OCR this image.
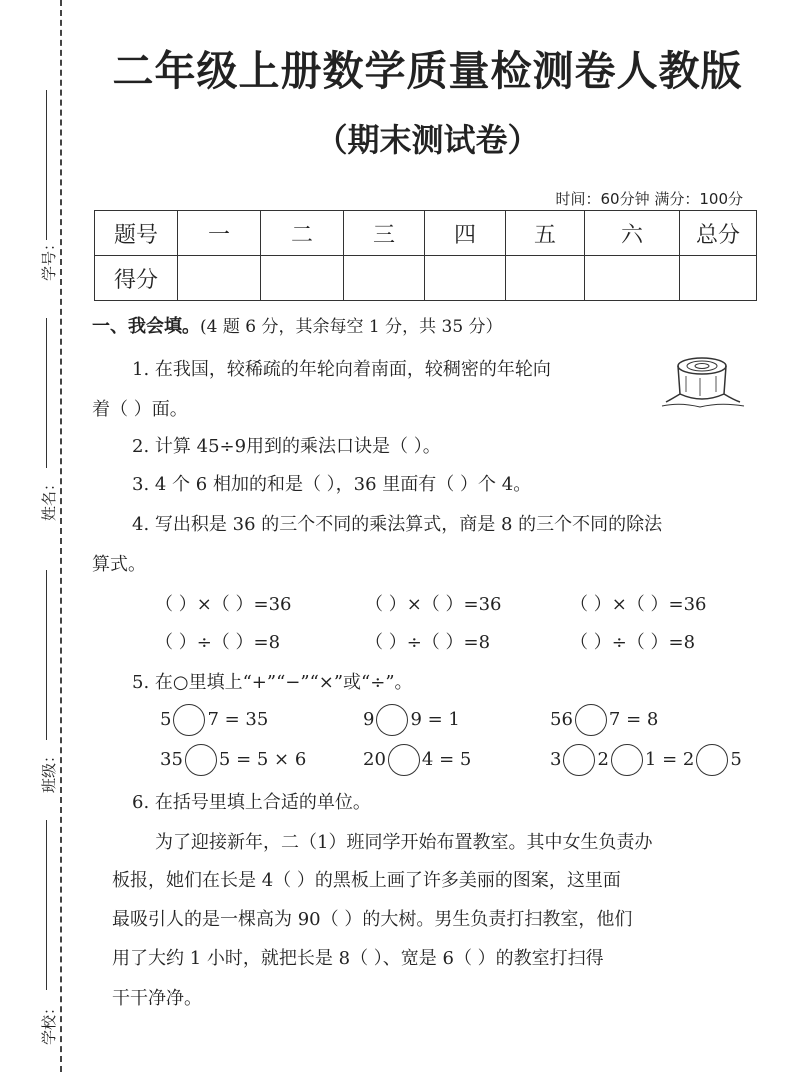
学号：
姓名：
班级：
学校：
二年级上册数学质量检测卷人教版
（期末测试卷）
时间：60分钟 满分：100分
题号	一	二	三	四	五	六	总分
得分							
一、我会填。(4 题 6 分，其余每空 1 分，共 35 分）
1. 在我国，较稀疏的年轮向着南面，较稠密的年轮向
着（ ）面。
2. 计算 45÷9用到的乘法口诀是（ ）。
3. 4 个 6 相加的和是（ ），36 里面有（ ）个 4。
4. 写出积是 36 的三个不同的乘法算式，商是 8 的三个不同的除法
算式。
（ ）×（ ）=36	（ ）×（ ）=36	（ ）×（ ）=36
（ ）÷（ ）=8	（ ）÷（ ）=8	（ ）÷（ ）=8
5. 在○里填上“+”“−”“×”或“÷”。
5 7 = 35	9 9 = 1	56 7 = 8
35 5 = 5 × 6	20 4 = 5	3 2 1 = 2 5
6. 在括号里填上合适的单位。
为了迎接新年，二（1）班同学开始布置教室。其中女生负责办
板报，她们在长是 4（ ）的黑板上画了许多美丽的图案，这里面
最吸引人的是一棵高为 90（ ）的大树。男生负责打扫教室，他们
用了大约 1 小时，就把长是 8（ ）、宽是 6（ ）的教室打扫得
干干净净。
